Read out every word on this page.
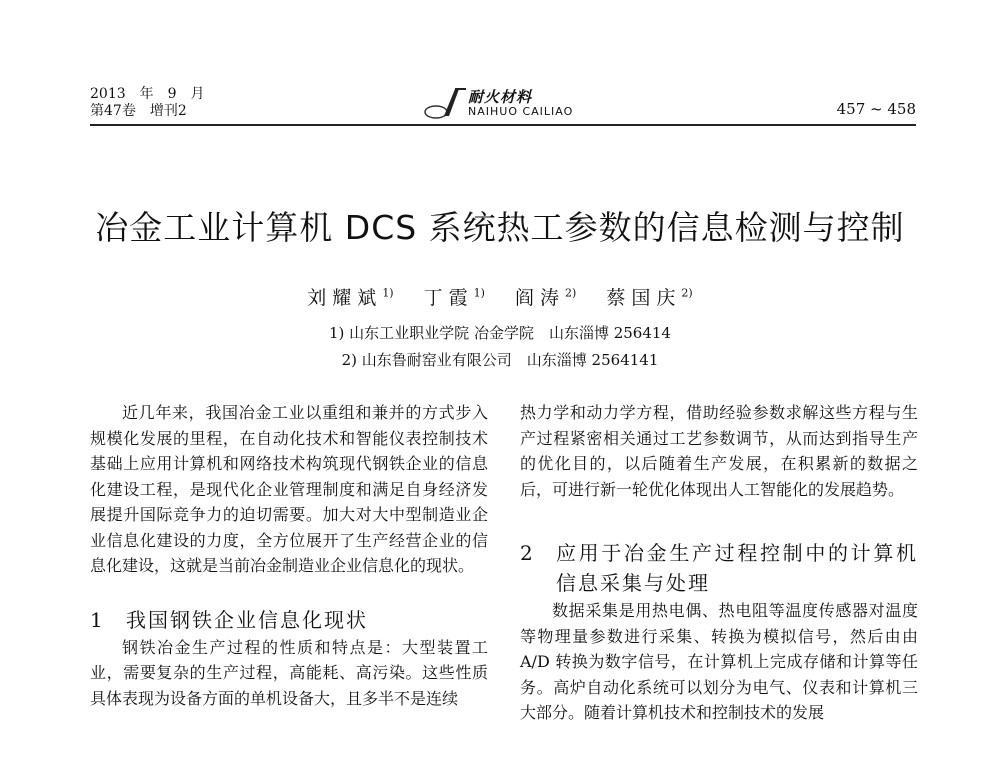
2013　年　9　月
第47卷　增刊2
耐火材料
NAIHUO CAILIAO	457 ~ 458
冶金工业计算机 DCS 系统热工参数的信息检测与控制
刘耀斌$^{1)}$ 丁霞$^{1)}$ 阎涛$^{2)}$ 蔡国庆$^{2)}$
1) 山东工业职业学院 冶金学院　山东淄博 256414
2) 山东鲁耐窑业有限公司　山东淄博 2564141

近几年来，我国冶金工业以重组和兼并的方式步入规模化发展的里程，在自动化技术和智能仪表控制技术基础上应用计算机和网络技术构筑现代钢铁企业的信息化建设工程，是现代化企业管理制度和满足自身经济发展提升国际竞争力的迫切需要。加大对大中型制造业企业信息化建设的力度，全方位展开了生产经营企业的信息化建设，这就是当前冶金制造业企业信息化的现状。

1	我国钢铁企业信息化现状

钢铁冶金生产过程的性质和特点是：大型装置工业，需要复杂的生产过程，高能耗、高污染。这些性质具体表现为设备方面的单机设备大，且多半不是连续

热力学和动力学方程，借助经验参数求解这些方程与生产过程紧密相关通过工艺参数调节，从而达到指导生产的优化目的，以后随着生产发展，在积累新的数据之后，可进行新一轮优化体现出人工智能化的发展趋势。

2	应用于冶金生产过程控制中的计算机信息采集与处理

数据采集是用热电偶、热电阻等温度传感器对温度等物理量参数进行采集、转换为模拟信号，然后由由 A/D 转换为数字信号，在计算机上完成存储和计算等任务。高炉自动化系统可以划分为电气、仪表和计算机三大部分。随着计算机技术和控制技术的发展
